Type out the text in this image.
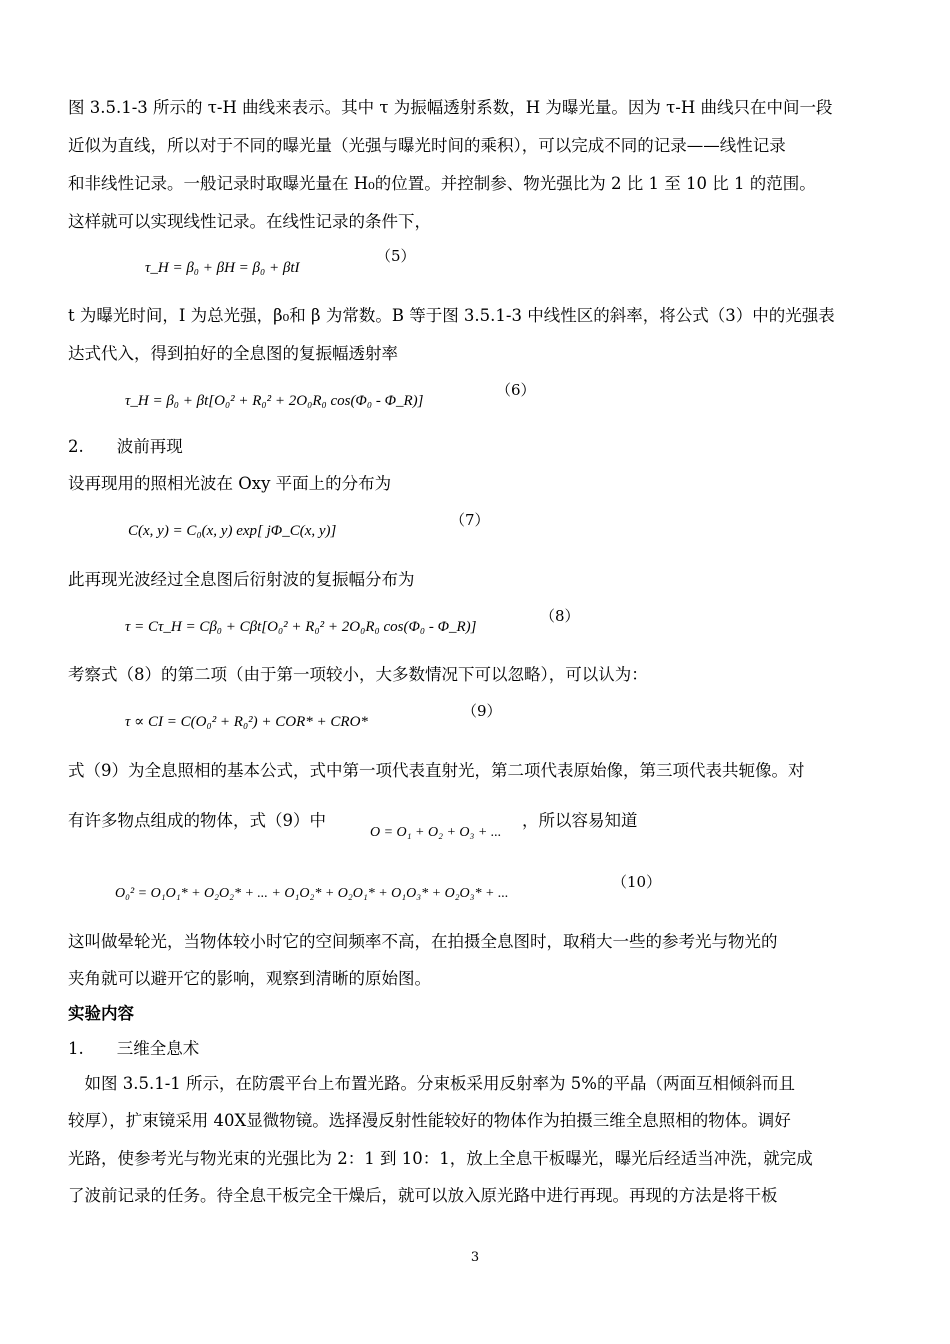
图 3.5.1-3 所示的 τ-H 曲线来表示。其中 τ 为振幅透射系数，H 为曝光量。因为 τ-H 曲线只在中间一段
近似为直线，所以对于不同的曝光量（光强与曝光时间的乘积），可以完成不同的记录——线性记录
和非线性记录。一般记录时取曝光量在 H₀的位置。并控制参、物光强比为 2 比 1 至 10 比 1 的范围。
这样就可以实现线性记录。在线性记录的条件下，
τ_H = β₀ + βH = β₀ + βtI
（5）
t 为曝光时间，I 为总光强，β₀和 β 为常数。B 等于图 3.5.1-3 中线性区的斜率，将公式（3）中的光强表
达式代入，得到拍好的全息图的复振幅透射率
τ_H = β₀ + βt[O₀² + R₀² + 2O₀R₀ cos(Φ₀ - Φ_R)]
（6）
2.　　波前再现
设再现用的照相光波在 Oxy 平面上的分布为
C(x, y) = C₀(x, y) exp[ jΦ_C(x, y)]
（7）
此再现光波经过全息图后衍射波的复振幅分布为
τ = Cτ_H = Cβ₀ + Cβt[O₀² + R₀² + 2O₀R₀ cos(Φ₀ - Φ_R)]
（8）
考察式（8）的第二项（由于第一项较小，大多数情况下可以忽略），可以认为：
τ ∝ CI = C(O₀² + R₀²) + COR* + CRO*
（9）
式（9）为全息照相的基本公式，式中第一项代表直射光，第二项代表原始像，第三项代表共轭像。对
有许多物点组成的物体，式（9）中
O = O₁ + O₂ + O₃ + ...
，所以容易知道
O₀² = O₁O₁* + O₂O₂* + ... + O₁O₂* + O₂O₁* + O₁O₃* + O₂O₃* + ...
（10）
这叫做晕轮光，当物体较小时它的空间频率不高，在拍摄全息图时，取稍大一些的参考光与物光的
夹角就可以避开它的影响，观察到清晰的原始图。
实验内容
1.　　三维全息术
　如图 3.5.1-1 所示，在防震平台上布置光路。分束板采用反射率为 5%的平晶（两面互相倾斜而且
较厚），扩束镜采用 40X显微物镜。选择漫反射性能较好的物体作为拍摄三维全息照相的物体。调好
光路，使参考光与物光束的光强比为 2：1 到 10：1，放上全息干板曝光，曝光后经适当冲洗，就完成
了波前记录的任务。待全息干板完全干燥后，就可以放入原光路中进行再现。再现的方法是将干板
3
